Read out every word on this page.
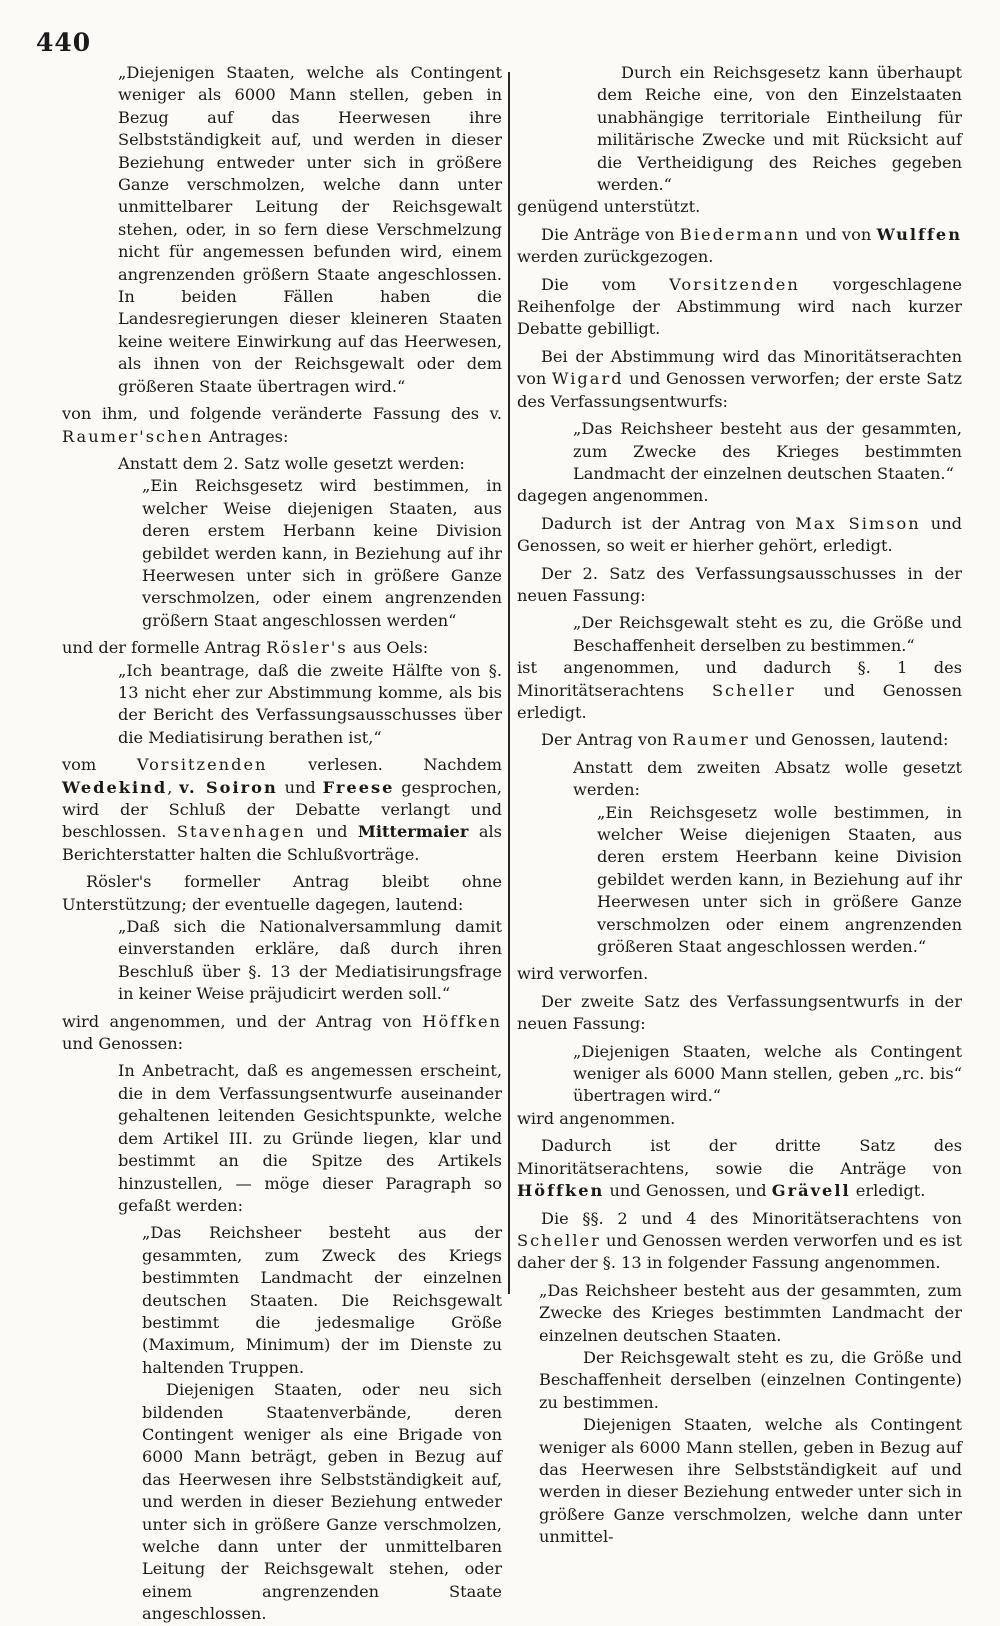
440

„Diejenigen Staaten, welche als Contingent weniger als 6000 Mann stellen, geben in Bezug auf das Heerwesen ihre Selbstständigkeit auf, und werden in dieser Beziehung entweder unter sich in größere Ganze verschmolzen, welche dann unter unmittelbarer Leitung der Reichsgewalt stehen, oder, in so fern diese Verschmelzung nicht für angemessen befunden wird, einem angrenzenden größern Staate angeschlossen. In beiden Fällen haben die Landesregierungen dieser kleineren Staaten keine weitere Einwirkung auf das Heerwesen, als ihnen von der Reichsgewalt oder dem größeren Staate übertragen wird.“

von ihm, und folgende veränderte Fassung des v. Raumer'schen Antrages:

Anstatt dem 2. Satz wolle gesetzt werden:

„Ein Reichsgesetz wird bestimmen, in welcher Weise diejenigen Staaten, aus deren erstem Herbann keine Division gebildet werden kann, in Beziehung auf ihr Heerwesen unter sich in größere Ganze verschmolzen, oder einem angrenzenden größern Staat angeschlossen werden“

und der formelle Antrag Rösler's aus Oels:

„Ich beantrage, daß die zweite Hälfte von §. 13 nicht eher zur Abstimmung komme, als bis der Bericht des Verfassungsausschusses über die Mediatisirung berathen ist,“

vom Vorsitzenden verlesen. Nachdem Wedekind, v. Soiron und Freese gesprochen, wird der Schluß der Debatte verlangt und beschlossen. Stavenhagen und Mittermaier als Berichterstatter halten die Schlußvorträge.

Rösler's formeller Antrag bleibt ohne Unterstützung; der eventuelle dagegen, lautend:

„Daß sich die Nationalversammlung damit einverstanden erkläre, daß durch ihren Beschluß über §. 13 der Mediatisirungsfrage in keiner Weise präjudicirt werden soll.“

wird angenommen, und der Antrag von Höffken und Genossen:

In Anbetracht, daß es angemessen erscheint, die in dem Verfassungsentwurfe auseinander gehaltenen leitenden Gesichtspunkte, welche dem Artikel III. zu Gründe liegen, klar und bestimmt an die Spitze des Artikels hinzustellen, — möge dieser Paragraph so gefaßt werden:

„Das Reichsheer besteht aus der gesammten, zum Zweck des Kriegs bestimmten Landmacht der einzelnen deutschen Staaten. Die Reichsgewalt bestimmt die jedesmalige Größe (Maximum, Minimum) der im Dienste zu haltenden Truppen.

Diejenigen Staaten, oder neu sich bildenden Staatenverbände, deren Contingent weniger als eine Brigade von 6000 Mann beträgt, geben in Bezug auf das Heerwesen ihre Selbstständigkeit auf, und werden in dieser Beziehung entweder unter sich in größere Ganze verschmolzen, welche dann unter der unmittelbaren Leitung der Reichsgewalt stehen, oder einem angrenzenden Staate angeschlossen.

Durch ein Reichsgesetz kann überhaupt dem Reiche eine, von den Einzelstaaten unabhängige territoriale Eintheilung für militärische Zwecke und mit Rücksicht auf die Vertheidigung des Reiches gegeben werden.“

genügend unterstützt.

Die Anträge von Biedermann und von Wulffen werden zurückgezogen.

Die vom Vorsitzenden vorgeschlagene Reihenfolge der Abstimmung wird nach kurzer Debatte gebilligt.

Bei der Abstimmung wird das Minoritätserachten von Wigard und Genossen verworfen; der erste Satz des Verfassungsentwurfs:

„Das Reichsheer besteht aus der gesammten, zum Zwecke des Krieges bestimmten Landmacht der einzelnen deutschen Staaten.“

dagegen angenommen.

Dadurch ist der Antrag von Max Simson und Genossen, so weit er hierher gehört, erledigt.

Der 2. Satz des Verfassungsausschusses in der neuen Fassung:

„Der Reichsgewalt steht es zu, die Größe und Beschaffenheit derselben zu bestimmen.“

ist angenommen, und dadurch §. 1 des Minoritätserachtens Scheller und Genossen erledigt.

Der Antrag von Raumer und Genossen, lautend:

Anstatt dem zweiten Absatz wolle gesetzt werden:

„Ein Reichsgesetz wolle bestimmen, in welcher Weise diejenigen Staaten, aus deren erstem Heerbann keine Division gebildet werden kann, in Beziehung auf ihr Heerwesen unter sich in größere Ganze verschmolzen oder einem angrenzenden größeren Staat angeschlossen werden.“

wird verworfen.

Der zweite Satz des Verfassungsentwurfs in der neuen Fassung:

„Diejenigen Staaten, welche als Contingent weniger als 6000 Mann stellen, geben „rc. bis“ übertragen wird.“

wird angenommen.

Dadurch ist der dritte Satz des Minoritätserachtens, sowie die Anträge von Höffken und Genossen, und Grävell erledigt.

Die §§. 2 und 4 des Minoritätserachtens von Scheller und Genossen werden verworfen und es ist daher der §. 13 in folgender Fassung angenommen.

„Das Reichsheer besteht aus der gesammten, zum Zwecke des Krieges bestimmten Landmacht der einzelnen deutschen Staaten.

Der Reichsgewalt steht es zu, die Größe und Beschaffenheit derselben (einzelnen Contingente) zu bestimmen.

Diejenigen Staaten, welche als Contingent weniger als 6000 Mann stellen, geben in Bezug auf das Heerwesen ihre Selbstständigkeit auf und werden in dieser Beziehung entweder unter sich in größere Ganze verschmolzen, welche dann unter unmittel-
